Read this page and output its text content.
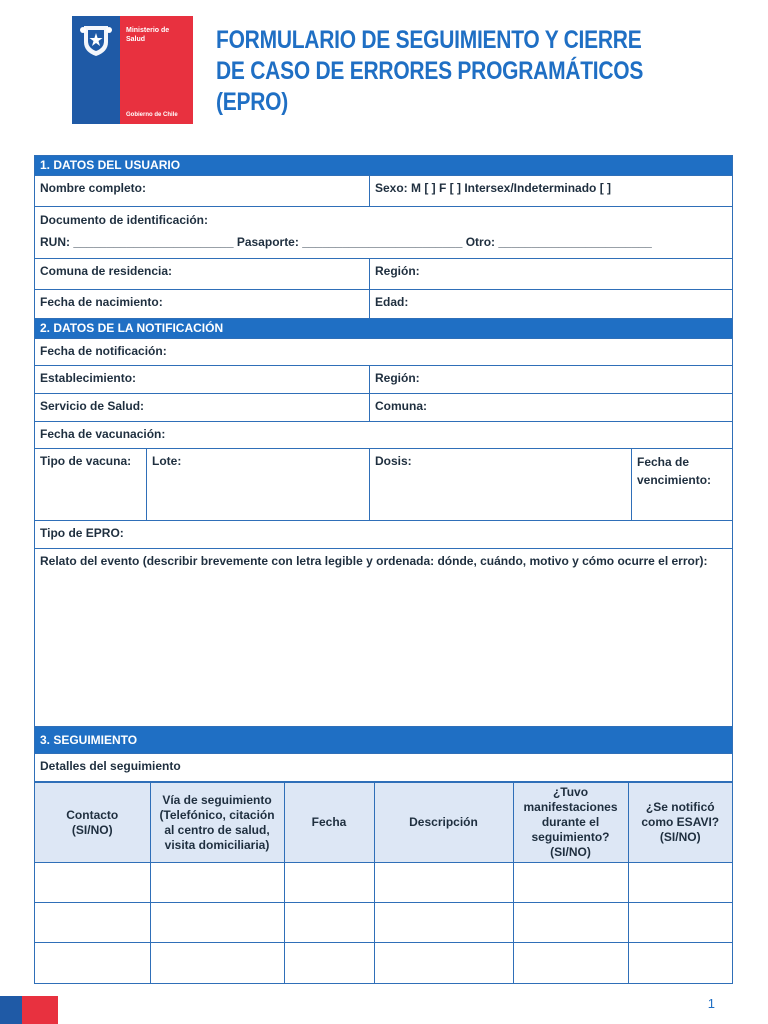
Ministerio de Salud
Gobierno de Chile
FORMULARIO DE SEGUIMIENTO Y CIERRE
DE CASO DE ERRORES PROGRAMÁTICOS
(EPRO)
1. DATOS DEL USUARIO
Nombre completo:	Sexo: M [ ] F [ ] Intersex/Indeterminado [ ]
Documento de identificación:
RUN: ________________________ Pasaporte: ________________________ Otro: _______________________
Comuna de residencia:	Región:
Fecha de nacimiento:	Edad:
2. DATOS DE LA NOTIFICACIÓN
Fecha de notificación:
Establecimiento:	Región:
Servicio de Salud:	Comuna:
Fecha de vacunación:
Tipo de vacuna:	Lote:	Dosis:	Fecha de vencimiento:
Tipo de EPRO:
Relato del evento (describir brevemente con letra legible y ordenada: dónde, cuándo, motivo y cómo ocurre el error):
3. SEGUIMIENTO
Detalles del seguimiento
Contacto (SI/NO)	Vía de seguimiento (Telefónico, citación al centro de salud, visita domiciliaria)	Fecha	Descripción	¿Tuvo manifestaciones durante el seguimiento? (SI/NO)	¿Se notificó como ESAVI? (SI/NO)

1
